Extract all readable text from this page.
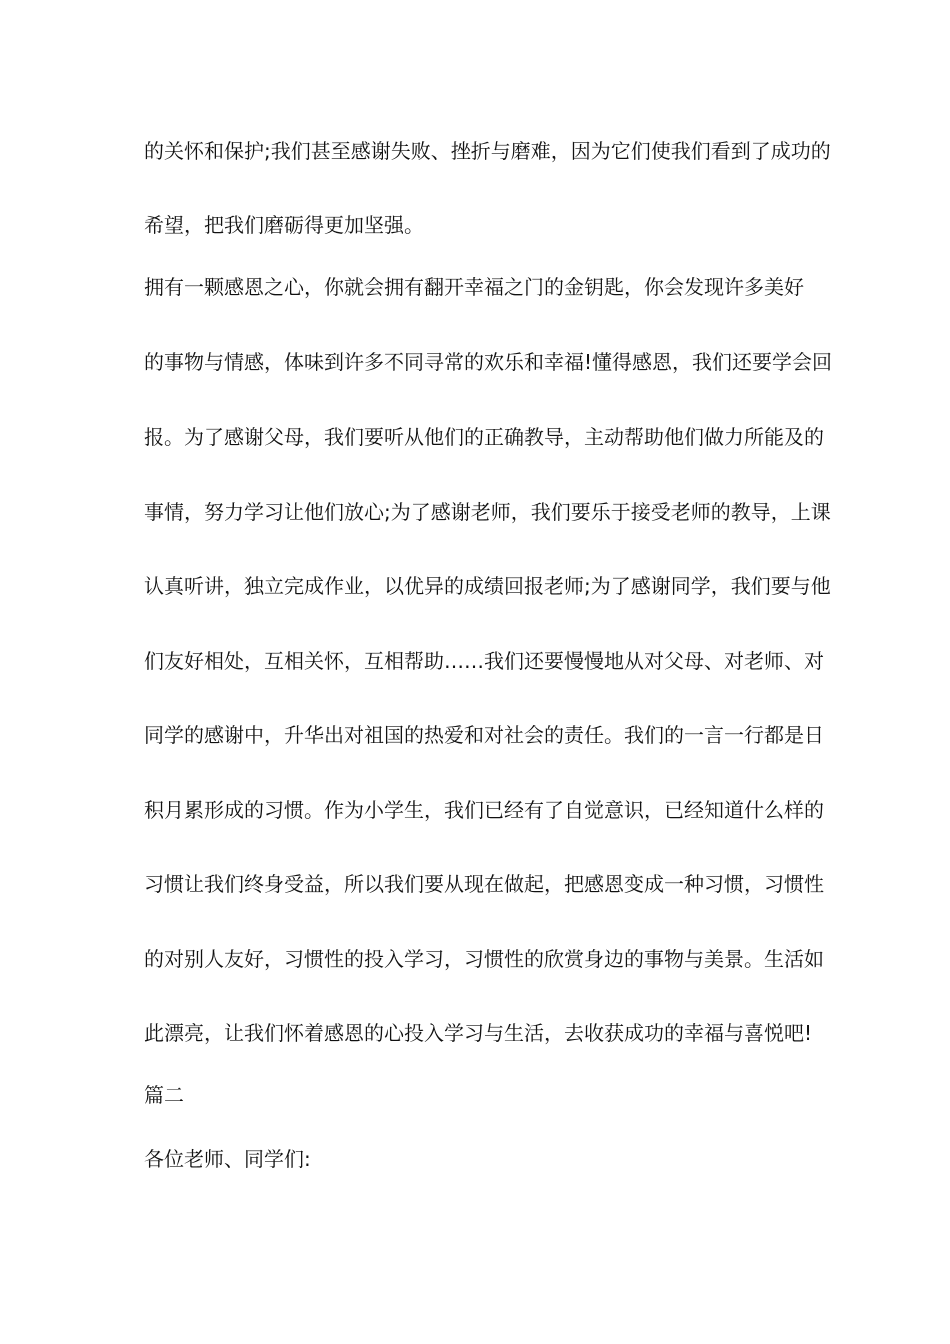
的关怀和保护;我们甚至感谢失败、挫折与磨难，因为它们使我们看到了成功的
希望，把我们磨砺得更加坚强。
拥有一颗感恩之心，你就会拥有翻开幸福之门的金钥匙，你会发现许多美好
的事物与情感，体味到许多不同寻常的欢乐和幸福!懂得感恩，我们还要学会回
报。为了感谢父母，我们要听从他们的正确教导，主动帮助他们做力所能及的
事情，努力学习让他们放心;为了感谢老师，我们要乐于接受老师的教导，上课
认真听讲，独立完成作业，以优异的成绩回报老师;为了感谢同学，我们要与他
们友好相处，互相关怀，互相帮助……我们还要慢慢地从对父母、对老师、对
同学的感谢中，升华出对祖国的热爱和对社会的责任。我们的一言一行都是日
积月累形成的习惯。作为小学生，我们已经有了自觉意识，已经知道什么样的
习惯让我们终身受益，所以我们要从现在做起，把感恩变成一种习惯，习惯性
的对别人友好，习惯性的投入学习，习惯性的欣赏身边的事物与美景。生活如
此漂亮，让我们怀着感恩的心投入学习与生活，去收获成功的幸福与喜悦吧!
篇二
各位老师、同学们:
